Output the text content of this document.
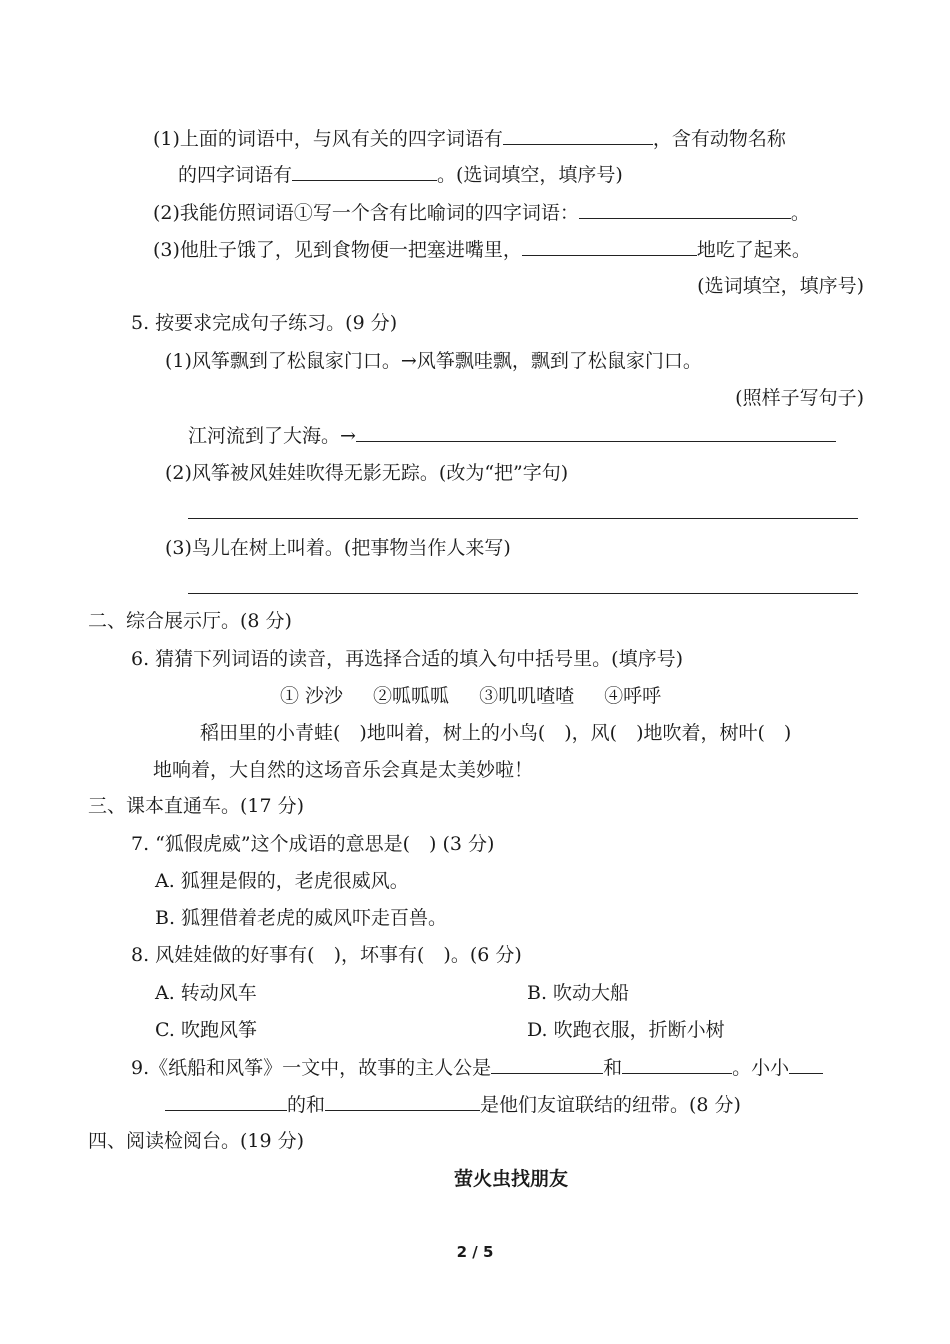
(1)上面的词语中，与风有关的四字词语有	，含有动物名称
的四字词语有	。(选词填空，填序号)
(2)我能仿照词语①写一个含有比喻词的四字词语：	。
(3)他肚子饿了，见到食物便一把塞进嘴里，	地吃了起来。
(选词填空，填序号)
5. 按要求完成句子练习。(9 分)
(1)风筝飘到了松鼠家门口。→风筝飘哇飘，飘到了松鼠家门口。
(照样子写句子)
江河流到了大海。→
(2)风筝被风娃娃吹得无影无踪。(改为“把”字句)
(3)鸟儿在树上叫着。(把事物当作人来写)
二、综合展示厅。(8 分)
6. 猜猜下列词语的读音，再选择合适的填入句中括号里。(填序号)
① 沙沙 ②呱呱呱 ③叽叽喳喳 ④呼呼
稻田里的小青蛙(　)地叫着，树上的小鸟(　)，风(　)地吹着，树叶(　)
地响着，大自然的这场音乐会真是太美妙啦！
三、课本直通车。(17 分)
7. “狐假虎威”这个成语的意思是(　) (3 分)
A. 狐狸是假的，老虎很威风。
B. 狐狸借着老虎的威风吓走百兽。
8. 风娃娃做的好事有(　)，坏事有(　)。(6 分)
A. 转动风车	B. 吹动大船
C. 吹跑风筝	D. 吹跑衣服，折断小树
9.《纸船和风筝》一文中，故事的主人公是	和	。小小
的和	是他们友谊联结的纽带。(8 分)
四、阅读检阅台。(19 分)
萤火虫找朋友
2 / 5
